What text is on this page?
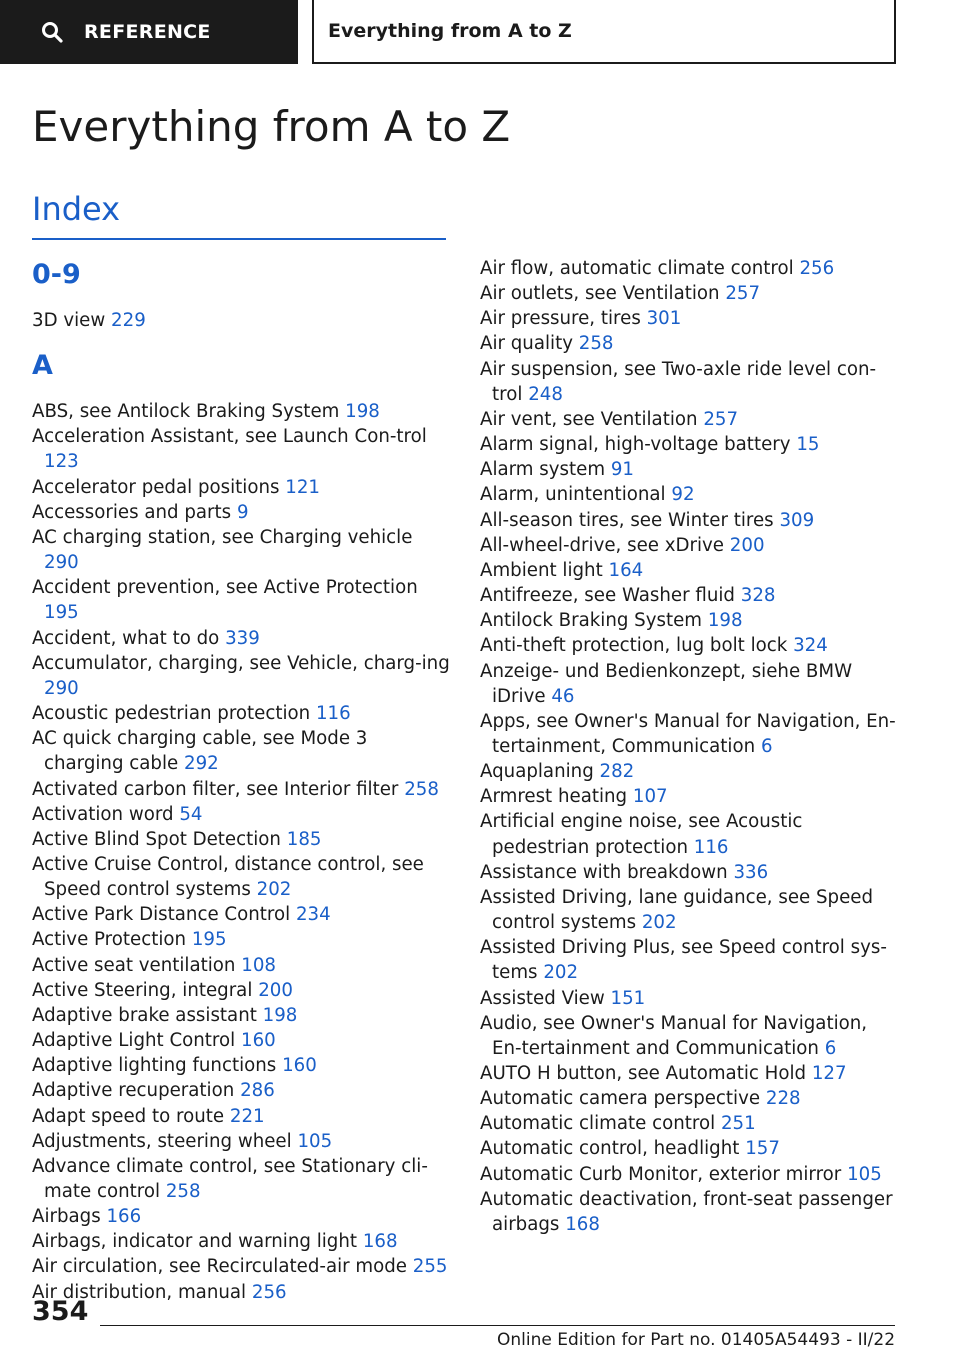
REFERENCE	Everything from A to Z
Everything from A to Z
Index
0-9
3D view 229
A
ABS, see Antilock Braking System 198
Acceleration Assistant, see Launch Con-trol 123
Accelerator pedal positions 121
Accessories and parts 9
AC charging station, see Charging vehicle 290
Accident prevention, see Active Protection 195
Accident, what to do 339
Accumulator, charging, see Vehicle, charg-ing 290
Acoustic pedestrian protection 116
AC quick charging cable, see Mode 3 charging cable 292
Activated carbon filter, see Interior filter 258
Activation word 54
Active Blind Spot Detection 185
Active Cruise Control, distance control, see Speed control systems 202
Active Park Distance Control 234
Active Protection 195
Active seat ventilation 108
Active Steering, integral 200
Adaptive brake assistant 198
Adaptive Light Control 160
Adaptive lighting functions 160
Adaptive recuperation 286
Adapt speed to route 221
Adjustments, steering wheel 105
Advance climate control, see Stationary cli-mate control 258
Airbags 166
Airbags, indicator and warning light 168
Air circulation, see Recirculated-air mode 255
Air distribution, manual 256
Air flow, automatic climate control 256
Air outlets, see Ventilation 257
Air pressure, tires 301
Air quality 258
Air suspension, see Two-axle ride level con-trol 248
Air vent, see Ventilation 257
Alarm signal, high-voltage battery 15
Alarm system 91
Alarm, unintentional 92
All-season tires, see Winter tires 309
All-wheel-drive, see xDrive 200
Ambient light 164
Antifreeze, see Washer fluid 328
Antilock Braking System 198
Anti-theft protection, lug bolt lock 324
Anzeige- und Bedienkonzept, siehe BMW iDrive 46
Apps, see Owner's Manual for Navigation, En-tertainment, Communication 6
Aquaplaning 282
Armrest heating 107
Artificial engine noise, see Acoustic pedestrian protection 116
Assistance with breakdown 336
Assisted Driving, lane guidance, see Speed control systems 202
Assisted Driving Plus, see Speed control sys-tems 202
Assisted View 151
Audio, see Owner's Manual for Navigation, En-tertainment and Communication 6
AUTO H button, see Automatic Hold 127
Automatic camera perspective 228
Automatic climate control 251
Automatic control, headlight 157
Automatic Curb Monitor, exterior mirror 105
Automatic deactivation, front-seat passenger airbags 168
354
Online Edition for Part no. 01405A54493 - II/22
